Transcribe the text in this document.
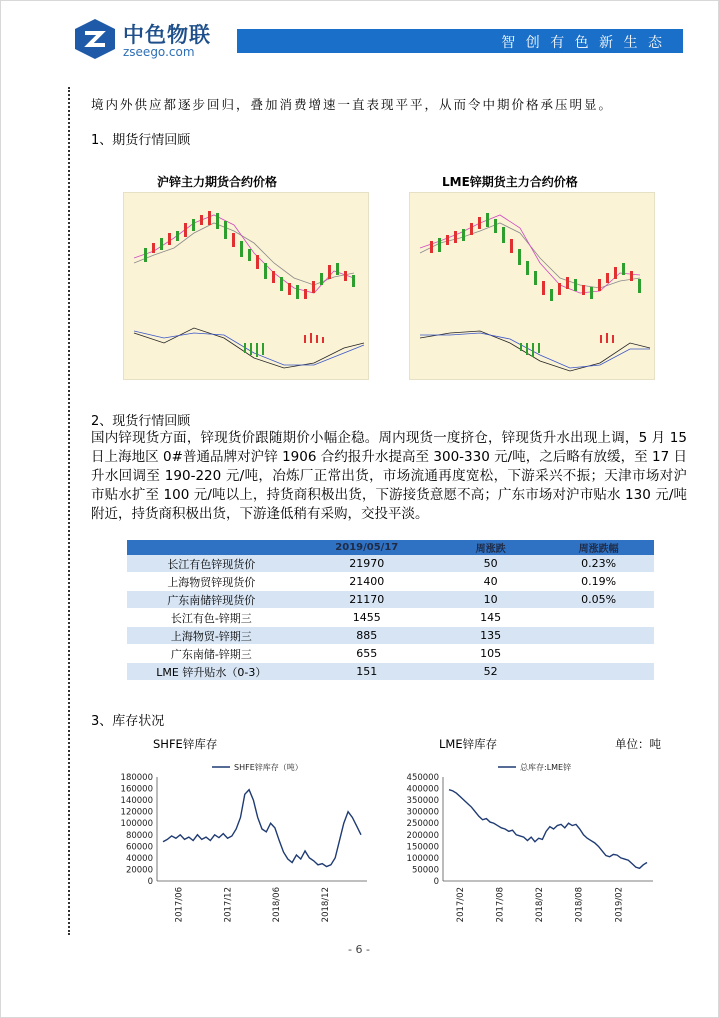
中色物联
zseego.com
智 创 有 色 新 生 态
境内外供应都逐步回归，叠加消费增速一直表现平平，从而令中期价格承压明显。
1、期货行情回顾
沪锌主力期货合约价格	LME锌期货主力合约价格
2、现货行情回顾
国内锌现货方面，锌现货价跟随期价小幅企稳。周内现货一度挤仓，锌现货升水出现上调，5 月 15 日上海地区 0#普通品牌对沪锌 1906 合约报升水提高至 300-330 元/吨，之后略有放缓，至 17 日升水回调至 190-220 元/吨，冶炼厂正常出货，市场流通再度宽松，下游采兴不振；天津市场对沪市贴水扩至 100 元/吨以上，持货商积极出货，下游接货意愿不高；广东市场对沪市贴水 130 元/吨附近，持货商积极出货，下游逢低稍有采购，交投平淡。
	2019/05/17	周涨跌	周涨跌幅
长江有色锌现货价	21970	50	0.23%
上海物贸锌现货价	21400	40	0.19%
广东南储锌现货价	21170	10	0.05%
长江有色-锌期三	1455	145	
上海物贸-锌期三	885	135	
广东南储-锌期三	655	105	
LME 锌升贴水（0-3）	151	52	
3、库存状况
SHFE锌库存	LME锌库存	单位：吨
0
20000
40000
60000
80000
100000
120000
140000
160000
180000
2017/06	2017/12	2018/06	2018/12
SHFE锌库存（吨）
0
50000
100000
150000
200000
250000
300000
350000
400000
450000
2017/02	2017/08	2018/02	2018/08	2019/02
总库存:LME锌
- 6 -
